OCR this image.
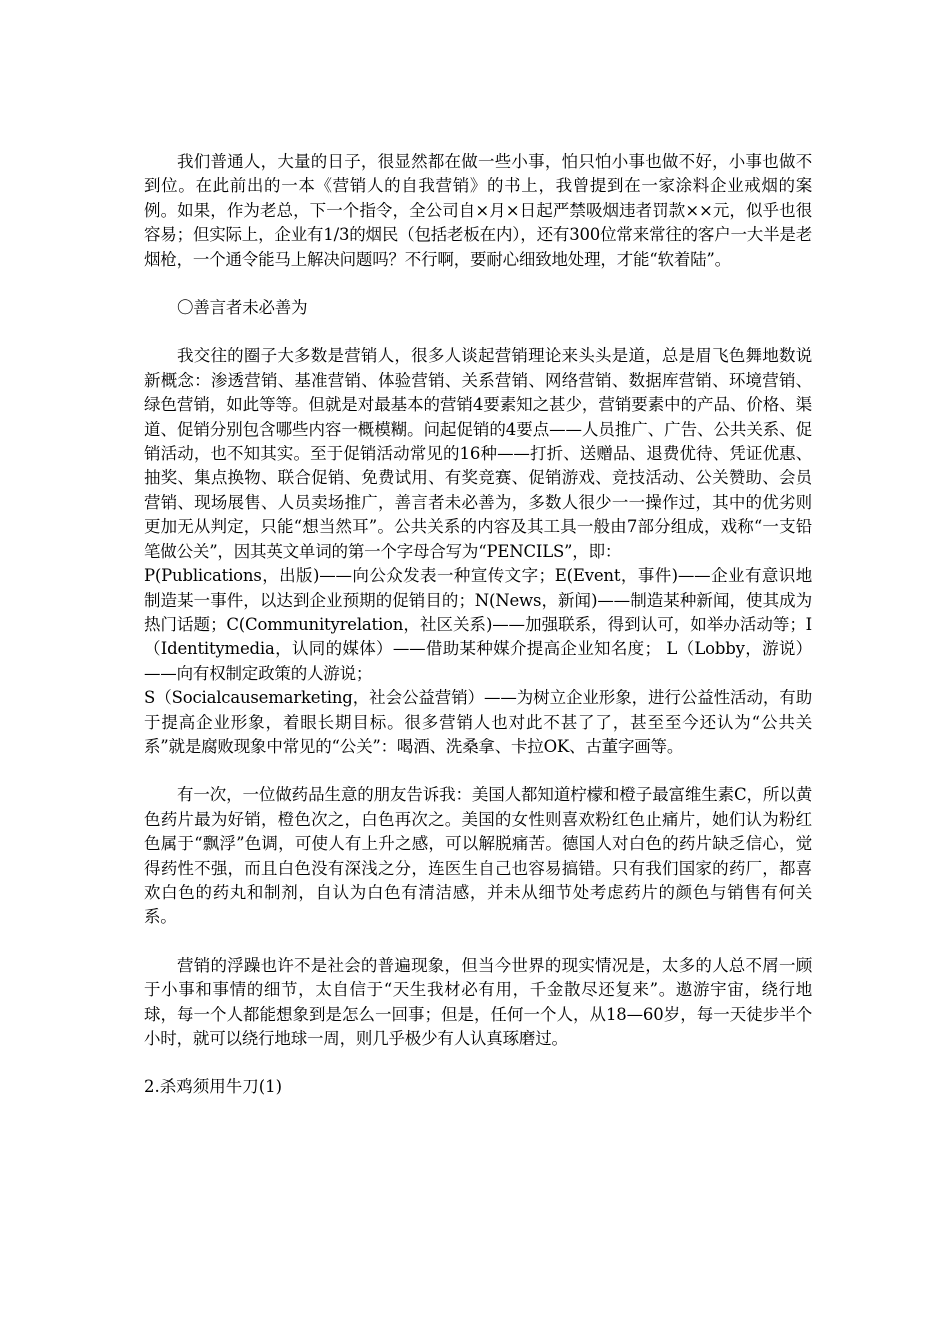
我们普通人，大量的日子，很显然都在做一些小事，怕只怕小事也做不好，小事也做不到位。在此前出的一本《营销人的自我营销》的书上，我曾提到在一家涂料企业戒烟的案例。如果，作为老总，下一个指令，全公司自×月×日起严禁吸烟违者罚款××元，似乎也很容易；但实际上，企业有1/3的烟民（包括老板在内），还有300位常来常往的客户一大半是老烟枪，一个通令能马上解决问题吗？不行啊，要耐心细致地处理，才能“软着陆”。

〇善言者未必善为

我交往的圈子大多数是营销人，很多人谈起营销理论来头头是道，总是眉飞色舞地数说新概念：渗透营销、基准营销、体验营销、关系营销、网络营销、数据库营销、环境营销、绿色营销，如此等等。但就是对最基本的营销4要素知之甚少，营销要素中的产品、价格、渠道、促销分别包含哪些内容一概模糊。问起促销的4要点——人员推广、广告、公共关系、促销活动，也不知其实。至于促销活动常见的16种——打折、送赠品、退费优待、凭证优惠、抽奖、集点换物、联合促销、免费试用、有奖竞赛、促销游戏、竞技活动、公关赞助、会员营销、现场展售、人员卖场推广，善言者未必善为，多数人很少一一操作过，其中的优劣则更加无从判定，只能“想当然耳”。公共关系的内容及其工具一般由7部分组成，戏称“一支铅笔做公关”，因其英文单词的第一个字母合写为“PENCILS”，即：

P(Publications，出版)——向公众发表一种宣传文字；E(Event，事件)——企业有意识地制造某一事件，以达到企业预期的促销目的；N(News，新闻)——制造某种新闻，使其成为热门话题；C(Communityrelation，社区关系)——加强联系，得到认可，如举办活动等；I（Identitymedia，认同的媒体）——借助某种媒介提高企业知名度； L（Lobby，游说）——向有权制定政策的人游说；

S（Socialcausemarketing，社会公益营销）——为树立企业形象，进行公益性活动，有助于提高企业形象，着眼长期目标。很多营销人也对此不甚了了，甚至至今还认为“公共关系”就是腐败现象中常见的“公关”：喝酒、洗桑拿、卡拉OK、古董字画等。

有一次，一位做药品生意的朋友告诉我：美国人都知道柠檬和橙子最富维生素C，所以黄色药片最为好销，橙色次之，白色再次之。美国的女性则喜欢粉红色止痛片，她们认为粉红色属于“飘浮”色调，可使人有上升之感，可以解脱痛苦。德国人对白色的药片缺乏信心，觉得药性不强，而且白色没有深浅之分，连医生自己也容易搞错。只有我们国家的药厂，都喜欢白色的药丸和制剂，自认为白色有清洁感，并未从细节处考虑药片的颜色与销售有何关系。

营销的浮躁也许不是社会的普遍现象，但当今世界的现实情况是，太多的人总不屑一顾于小事和事情的细节，太自信于“天生我材必有用，千金散尽还复来”。遨游宇宙，绕行地球，每一个人都能想象到是怎么一回事；但是，任何一个人，从18—60岁，每一天徒步半个小时，就可以绕行地球一周，则几乎极少有人认真琢磨过。

2.杀鸡须用牛刀(1)
